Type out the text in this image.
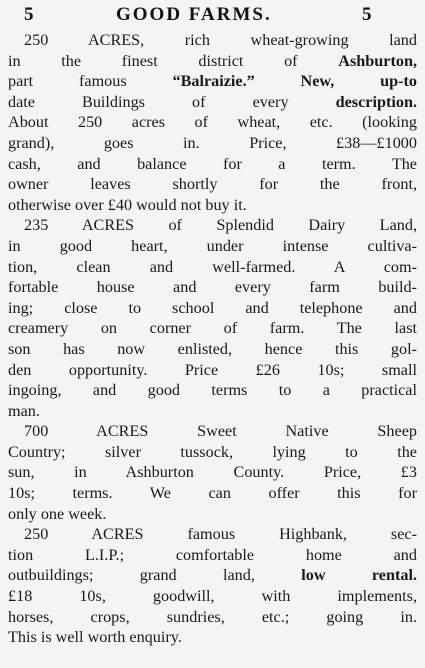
5	GOOD FARMS.	5
250 ACRES, rich wheat-growing land
in the finest district of Ashburton,
part famous “Balraizie.” New, up-to
date Buildings of every description.
About 250 acres of wheat, etc. (looking
grand), goes in. Price, £38—£1000
cash, and balance for a term. The
owner leaves shortly for the front,
otherwise over £40 would not buy it.
235 ACRES of Splendid Dairy Land,
in good heart, under intense cultiva-
tion, clean and well-farmed. A com-
fortable house and every farm build-
ing; close to school and telephone and
creamery on corner of farm. The last
son has now enlisted, hence this gol-
den opportunity. Price £26 10s; small
ingoing, and good terms to a practical
man.
700 ACRES Sweet Native Sheep
Country; silver tussock, lying to the
sun, in Ashburton County. Price, £3
10s; terms. We can offer this for
only one week.
250 ACRES famous Highbank, sec-
tion L.I.P.; comfortable home and
outbuildings; grand land, low rental.
£18 10s, goodwill, with implements,
horses, crops, sundries, etc.; going in.
This is well worth enquiry.
